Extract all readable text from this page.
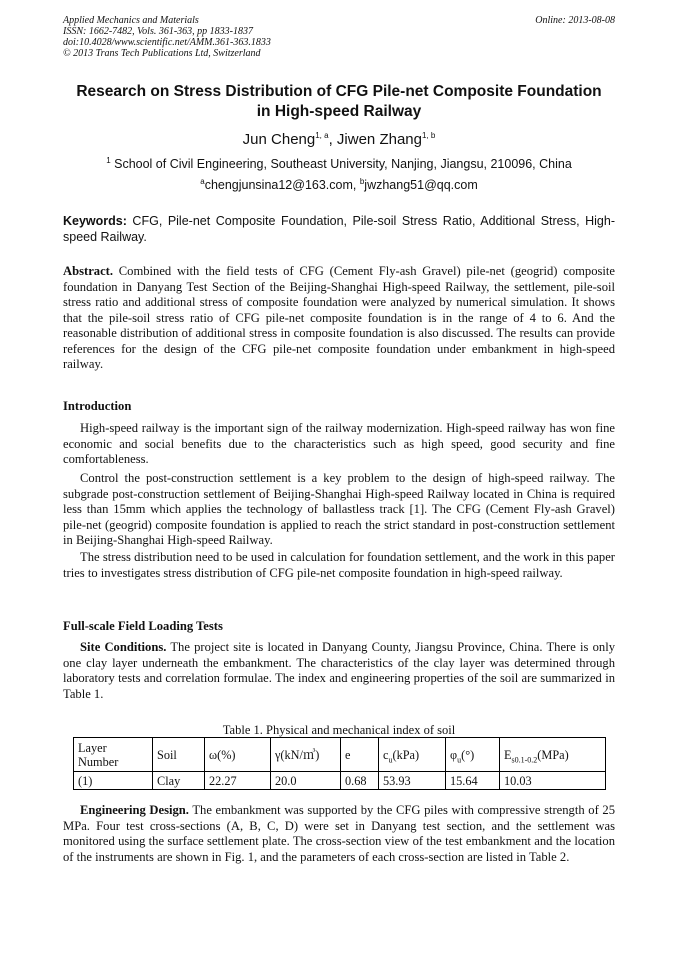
Applied Mechanics and Materials
ISSN: 1662-7482, Vols. 361-363, pp 1833-1837
doi:10.4028/www.scientific.net/AMM.361-363.1833
© 2013 Trans Tech Publications Ltd, Switzerland
Online: 2013-08-08
Research on Stress Distribution of CFG Pile-net Composite Foundation
in High-speed Railway
Jun Cheng$^{1, a}$, Jiwen Zhang$^{1, b}$
$^1$ School of Civil Engineering, Southeast University, Nanjing, Jiangsu, 210096, China
$^a$chengjunsina12@163.com, $^b$jwzhang51@qq.com
Keywords: CFG, Pile-net Composite Foundation, Pile-soil Stress Ratio, Additional Stress, High-speed Railway.
Abstract. Combined with the field tests of CFG (Cement Fly-ash Gravel) pile-net (geogrid) composite foundation in Danyang Test Section of the Beijing-Shanghai High-speed Railway, the settlement, pile-soil stress ratio and additional stress of composite foundation were analyzed by numerical simulation. It shows that the pile-soil stress ratio of CFG pile-net composite foundation is in the range of 4 to 6. And the reasonable distribution of additional stress in composite foundation is also discussed. The results can provide references for the design of the CFG pile-net composite foundation under embankment in high-speed railway.
Introduction
High-speed railway is the important sign of the railway modernization. High-speed railway has won fine economic and social benefits due to the characteristics such as high speed, good security and fine comfortableness.
Control the post-construction settlement is a key problem to the design of high-speed railway. The subgrade post-construction settlement of Beijing-Shanghai High-speed Railway located in China is required less than 15mm which applies the technology of ballastless track [1]. The CFG (Cement Fly-ash Gravel) pile-net (geogrid) composite foundation is applied to reach the strict standard in post-construction settlement in Beijing-Shanghai High-speed Railway.
The stress distribution need to be used in calculation for foundation settlement, and the work in this paper tries to investigates stress distribution of CFG pile-net composite foundation in high-speed railway.
Full-scale Field Loading Tests
Site Conditions. The project site is located in Danyang County, Jiangsu Province, China. There is only one clay layer underneath the embankment. The characteristics of the clay layer was determined through laboratory tests and correlation formulae. The index and engineering properties of the soil are summarized in Table 1.
Table 1. Physical and mechanical index of soil
Layer Number	Soil	ω(%)	γ(kN/㎥)	e	$c_u(kPa)$	$\varphi_u(^\circ)$	$E_{s0.1-0.2}(MPa)$
(1)	Clay	22.27	20.0	0.68	53.93	15.64	10.03
Engineering Design. The embankment was supported by the CFG piles with compressive strength of 25 MPa. Four test cross-sections (A, B, C, D) were set in Danyang test section, and the settlement was monitored using the surface settlement plate. The cross-section view of the test embankment and the location of the instruments are shown in Fig. 1, and the parameters of each cross-section are listed in Table 2.
